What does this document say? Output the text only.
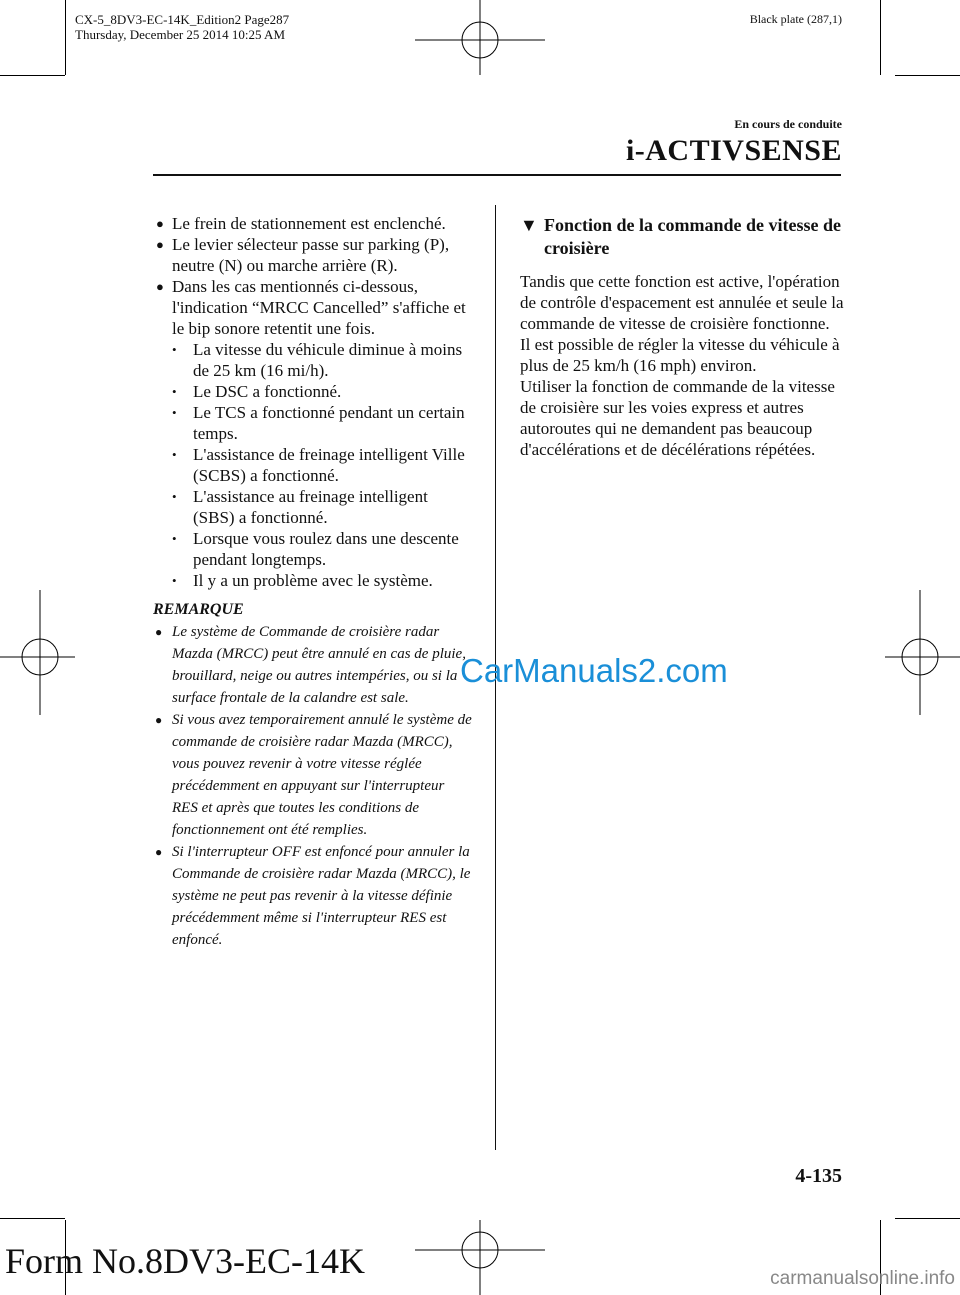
CX-5_8DV3-EC-14K_Edition2 Page287
Thursday, December 25 2014 10:25 AM
Black plate (287,1)
En cours de conduite
i-ACTIVSENSE
● Le frein de stationnement est enclenché.
● Le levier sélecteur passe sur parking (P), neutre (N) ou marche arrière (R).
● Dans les cas mentionnés ci-dessous, l'indication “MRCC Cancelled” s'affiche et le bip sonore retentit une fois.
• La vitesse du véhicule diminue à moins de 25 km (16 mi/h).
• Le DSC a fonctionné.
• Le TCS a fonctionné pendant un certain temps.
• L'assistance de freinage intelligent Ville (SCBS) a fonctionné.
• L'assistance au freinage intelligent (SBS) a fonctionné.
• Lorsque vous roulez dans une descente pendant longtemps.
• Il y a un problème avec le système.
REMARQUE
● Le système de Commande de croisière radar Mazda (MRCC) peut être annulé en cas de pluie, brouillard, neige ou autres intempéries, ou si la surface frontale de la calandre est sale.
● Si vous avez temporairement annulé le système de commande de croisière radar Mazda (MRCC), vous pouvez revenir à votre vitesse réglée précédemment en appuyant sur l'interrupteur RES et après que toutes les conditions de fonctionnement ont été remplies.
● Si l'interrupteur OFF est enfoncé pour annuler la Commande de croisière radar Mazda (MRCC), le système ne peut pas revenir à la vitesse définie précédemment même si l'interrupteur RES est enfoncé.
▼ Fonction de la commande de vitesse de croisière
Tandis que cette fonction est active, l'opération de contrôle d'espacement est annulée et seule la commande de vitesse de croisière fonctionne.
Il est possible de régler la vitesse du véhicule à plus de 25 km/h (16 mph) environ.
Utiliser la fonction de commande de la vitesse de croisière sur les voies express et autres autoroutes qui ne demandent pas beaucoup d'accélérations et de décélérations répétées.
CarManuals2.com
4-135
Form No.8DV3-EC-14K	carmanualsonline.info
